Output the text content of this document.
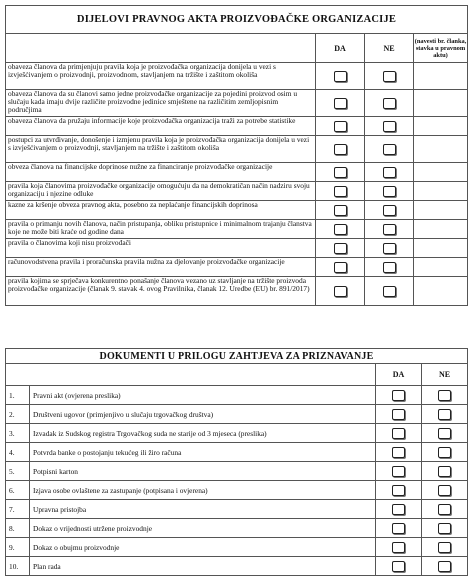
DIJELOVI PRAVNOG AKTA PROIZVOĐAČKE ORGANIZACIJE			
	DA	NE	(navesti br. članka, stavka u pravnom aktu)
obaveza članova da primjenjuju pravila koja je proizvođačka organizacija donijela u vezi s izvješćivanjem o proizvodnji, proizvodnom, stavljanjem na tržište i zaštitom okoliša			
obaveza članova da su članovi samo jedne proizvođačke organizacije za pojedini proizvod osim u slučaju kada imaju dvije različite proizvodne jedinice smještene na različitim zemljopisnim područjima			
obaveza članova da pružaju informacije koje proizvođačka organizacija traži za potrebe statistike			
postupci za utvrđivanje, donošenje i izmjenu pravila koja je proizvođačka organizacija donijela u vezi s izvješćivanjem o proizvodnji, stavljanjem na tržište i zaštitom okoliša			
obveza članova na financijske doprinose nužne za financiranje proizvođačke organizacije			
pravila koja članovima proizvođačke organizacije omogućuju da na demokratičan način nadziru svoju organizaciju i njezine odluke			
kazne za kršenje obveza pravnog akta, posebno za neplaćanje financijskih doprinosa			
pravila o primanju novih članova, način pristupanja, obliku pristupnice i minimalnom trajanju članstva koje ne može biti kraće od godine dana			
pravila o članovima koji nisu proizvođači			
računovodstvena pravila i proračunska pravila nužna za djelovanje proizvođačke organizacije			
pravila kojima se sprječava konkurentno ponašanje članova vezano uz stavljanje na tržište proizvoda proizvođačke organizacije (članak 9. stavak 4. ovog Pravilnika, članak 12. Uredbe (EU) br. 891/2017)			
DOKUMENTI U PRILOGU ZAHTJEVA ZA PRIZNAVANJE			
		DA	NE
1.	Pravni akt (ovjerena preslika)		
2.	Društveni ugovor (primjenjivo u slučaju trgovačkog društva)		
3.	Izvadak iz Sudskog registra Trgovačkog suda ne starije od 3 mjeseca (preslika)		
4.	Potvrda banke o postojanju tekućeg ili žiro računa		
5.	Potpisni karton		
6.	Izjava osobe ovlaštene za zastupanje (potpisana i ovjerena)		
7.	Upravna pristojba		
8.	Dokaz o vrijednosti utržene proizvodnje		
9.	Dokaz o obujmu proizvodnje		
10.	Plan rada		
